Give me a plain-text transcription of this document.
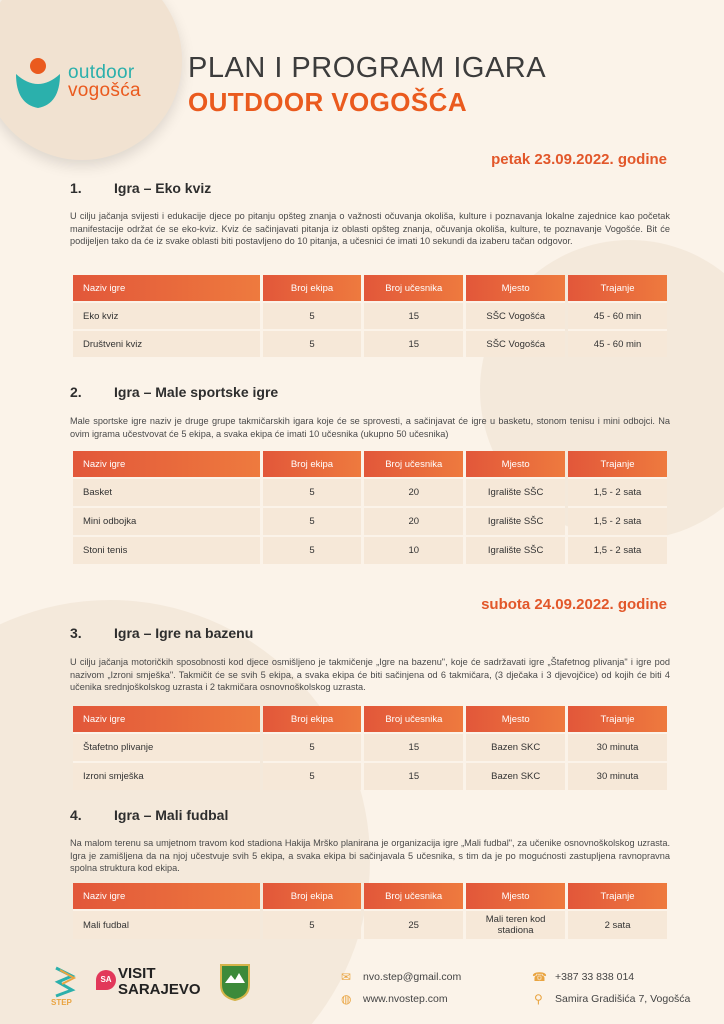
outdoor
vogošća
PLAN I PROGRAM IGARA
OUTDOOR VOGOŠĆA
petak 23.09.2022. godine
1. Igra – Eko kviz
U cilju jačanja svijesti i edukacije djece po pitanju opšteg znanja o važnosti očuvanja okoliša, kulture i poznavanja lokalne zajednice kao početak manifestacije održat će se eko-kviz. Kviz će sačinjavati pitanja iz oblasti opšteg znanja, očuvanja okoliša, kulture, te poznavanje Vogošće. Bit će podijeljen tako da će iz svake oblasti biti postavljeno do 10 pitanja, a učesnici će imati 10 sekundi da izaberu tačan odgovor.
Naziv igre	Broj ekipa	Broj učesnika	Mjesto	Trajanje
Eko kviz	5	15	SŠC Vogošća	45 - 60 min
Društveni kviz	5	15	SŠC Vogošća	45 - 60 min
2. Igra – Male sportske igre
Male sportske igre naziv je druge grupe takmičarskih igara koje će se sprovesti, a sačinjavat će igre u basketu, stonom tenisu i mini odbojci. Na ovim igrama učestvovat će 5 ekipa, a svaka ekipa će imati 10 učesnika (ukupno 50 učesnika)
Naziv igre	Broj ekipa	Broj učesnika	Mjesto	Trajanje
Basket	5	20	Igralište SŠC	1,5 - 2 sata
Mini odbojka	5	20	Igralište SŠC	1,5 - 2 sata
Stoni tenis	5	10	Igralište SŠC	1,5 - 2 sata
subota 24.09.2022. godine
3. Igra – Igre na bazenu
U cilju jačanja motoričkih sposobnosti kod djece osmišljeno je takmičenje „Igre na bazenu", koje će sadržavati igre „Štafetnog plivanja" i igre pod nazivom „Izroni smješka". Takmičit će se svih 5 ekipa, a svaka ekipa će biti sačinjena od 6 takmičara, (3 dječaka i 3 djevojčice) od kojih će biti 4 učenika srednjoškolskog uzrasta i 2 takmičara osnovnoškolskog uzrasta.
Naziv igre	Broj ekipa	Broj učesnika	Mjesto	Trajanje
Štafetno plivanje	5	15	Bazen SKC	30 minuta
Izroni smješka	5	15	Bazen SKC	30 minuta
4. Igra – Mali fudbal
Na malom terenu sa umjetnom travom kod stadiona Hakija Mrško planirana je organizacija igre „Mali fudbal", za učenike osnovnoškolskog uzrasta. Igra je zamišljena da na njoj učestvuje svih 5 ekipa, a svaka ekipa bi sačinjavala 5 učesnika, s tim da je po mogućnosti zastupljena ravnopravna spolna struktura kod ekipa.
Naziv igre	Broj ekipa	Broj učesnika	Mjesto	Trajanje
Mali fudbal	5	25	Mali teren kod stadiona	2 sata
STEP
SA VISIT
SARAJEVO
✉ nvo.step@gmail.com
◍ www.nvostep.com
☎ +387 33 838 014
⚲ Samira Gradišića 7, Vogošća
